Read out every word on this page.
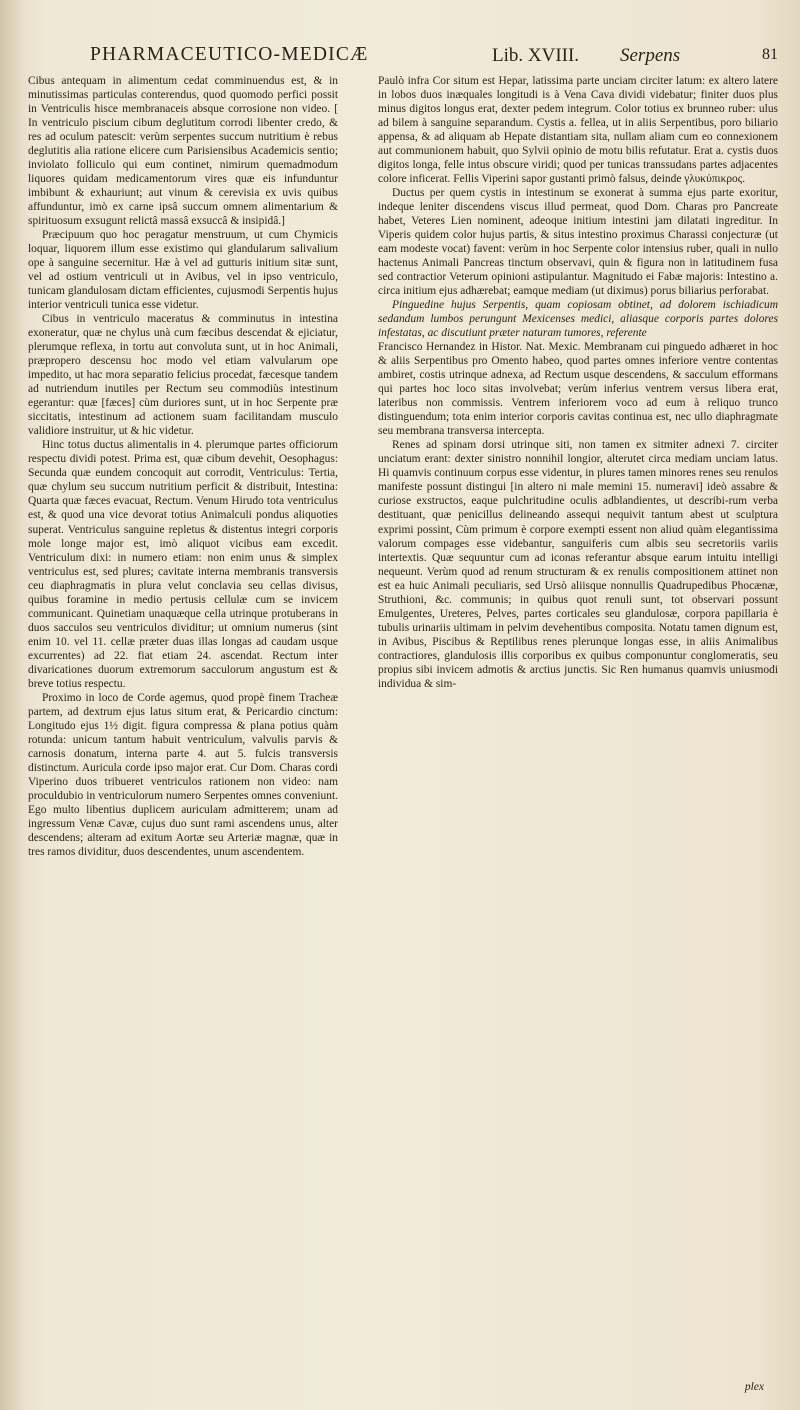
PHARMACEUTICO-MEDICÆ	Lib. XVIII. Serpens	81

Cibus antequam in alimentum cedat comminuendus est, & in minutissimas particulas conterendus, quod quomodo perfici possit in Ventriculis hisce membranaceis absque corrosione non video. [ In ventriculo piscium cibum deglutitum corrodi libenter credo, & res ad oculum patescit: verùm serpentes succum nutritium è rebus deglutitis alia ratione elicere cum Parisiensibus Academicis sentio; inviolato folliculo qui eum continet, nimirum quemadmodum liquores quidam medicamentorum vires quæ eis infunduntur imbibunt & exhauriunt; aut vinum & cerevisia ex uvis quibus affunduntur, imò ex carne ipsâ succum omnem alimentarium & spirituosum exsugunt relictâ massâ exsuccâ & insipidâ.]

Præcipuum quo hoc peragatur menstruum, ut cum Chymicis loquar, liquorem illum esse existimo qui glandularum salivalium ope à sanguine secernitur. Hæ à vel ad gutturis initium sitæ sunt, vel ad ostium ventriculi ut in Avibus, vel in ipso ventriculo, tunicam glandulosam dictam efficientes, cujusmodi Serpentis hujus interior ventriculi tunica esse videtur.

Cibus in ventriculo maceratus & comminutus in intestina exoneratur, quæ ne chylus unà cum fæcibus descendat & ejiciatur, plerumque reflexa, in tortu aut convoluta sunt, ut in hoc Animali, præpropero descensu hoc modo vel etiam valvularum ope impedito, ut hac mora separatio felicius procedat, fæcesque tandem ad nutriendum inutiles per Rectum seu commodiùs intestinum egerantur: quæ [fæces] cùm duriores sunt, ut in hoc Serpente præ siccitatis, intestinum ad actionem suam facilitandam musculo validiore instruitur, ut & hic videtur.

Hinc totus ductus alimentalis in 4. plerumque partes officiorum respectu dividi potest. Prima est, quæ cibum devehit, Oesophagus: Secunda quæ eundem concoquit aut corrodit, Ventriculus: Tertia, quæ chylum seu succum nutritium perficit & distribuit, Intestina: Quarta quæ fæces evacuat, Rectum. Venum Hirudo tota ventriculus est, & quod una vice devorat totius Animalculi pondus aliquoties superat. Ventriculus sanguine repletus & distentus integri corporis mole longe major est, imò aliquot vicibus eam excedit. Ventriculum dixi: in numero etiam: non enim unus & simplex ventriculus est, sed plures; cavitate interna membranis transversis ceu diaphragmatis in plura velut conclavia seu cellas divisus, quibus foramine in medio pertusis cellulæ cum se invicem communicant. Quinetiam unaquæque cella utrinque protuberans in duos sacculos seu ventriculos dividitur; ut omnium numerus (sint enim 10. vel 11. cellæ præter duas illas longas ad caudam usque excurrentes) ad 22. fiat etiam 24. ascendat. Rectum inter divaricationes duorum extremorum sacculorum angustum est & breve totius respectu.

Proximo in loco de Corde agemus, quod propè finem Tracheæ partem, ad dextrum ejus latus situm erat, & Pericardio cinctum: Longitudo ejus 1½ digit. figura compressa & plana potius quàm rotunda: unicum tantum habuit ventriculum, valvulis parvis & carnosis donatum, interna parte 4. aut 5. fulcis transversis distinctum. Auricula corde ipso major erat. Cur Dom. Charas cordi Viperino duos tribueret ventriculos rationem non video: nam proculdubio in ventriculorum numero Serpentes omnes conveniunt. Ego multo libentius duplicem auriculam admitterem; unam ad ingressum Venæ Cavæ, cujus duo sunt rami ascendens unus, alter descendens; alteram ad exitum Aortæ seu Arteriæ magnæ, quæ in tres ramos dividitur, duos descendentes, unum ascendentem.

Paulò infra Cor situm est Hepar, latissima parte unciam circiter latum: ex altero latere in lobos duos inæquales longitudi is à Vena Cava dividi videbatur; finiter duos plus minus digitos longus erat, dexter pedem integrum. Color totius ex brunneo ruber: ulus ad bilem à sanguine separandum. Cystis a. fellea, ut in aliis Serpentibus, poro biliario appensa, & ad aliquam ab Hepate distantiam sita, nullam aliam cum eo connexionem aut communionem habuit, quo Sylvii opinio de motu bilis refutatur. Erat a. cystis duos digitos longa, felle intus obscure viridi; quod per tunicas transsudans partes adjacentes colore inficerat. Fellis Viperini sapor gustanti primò falsus, deinde γλυκύπικρος.

Ductus per quem cystis in intestinum se exonerat à summa ejus parte exoritur, indeque leniter discendens viscus illud permeat, quod Dom. Charas pro Pancreate habet, Veteres Lien nominent, adeoque initium intestini jam dilatati ingreditur. In Viperis quidem color hujus partis, & situs intestino proximus Charassi conjecturæ (ut eam modeste vocat) favent: verùm in hoc Serpente color intensius ruber, quali in nullo hactenus Animali Pancreas tinctum observavi, quin & figura non in latitudinem fusa sed contractior Veterum opinioni astipulantur. Magnitudo ei Fabæ majoris: Intestino a. circa initium ejus adhærebat; eamque mediam (ut diximus) porus biliarius perforabat.

Pinguedine hujus Serpentis, quam copiosam obtinet, ad dolorem ischiadicum sedandum lumbos perungunt Mexicenses medici, aliasque corporis partes dolores infestatas, ac discutiunt præter naturam tumores, referente

Francisco Hernandez in Histor. Nat. Mexic. Membranam cui pinguedo adhæret in hoc & aliis Serpentibus pro Omento habeo, quod partes omnes inferiore ventre contentas ambiret, costis utrinque adnexa, ad Rectum usque descendens, & sacculum efformans qui partes hoc loco sitas involvebat; verùm inferius ventrem versus libera erat, lateribus non commissis. Ventrem inferiorem voco ad eum à reliquo trunco distinguendum; tota enim interior corporis cavitas continua est, nec ullo diaphragmate seu membrana transversa intercepta.

Renes ad spinam dorsi utrinque siti, non tamen ex sitmiter adnexi 7. circiter unciatum erant: dexter sinistro nonnihil longior, alterutet circa mediam unciam latus. Hi quamvis continuum corpus esse videntur, in plures tamen minores renes seu renulos manifeste possunt distingui [in altero ni male memini 15. numeravi] ideò assabre & curiose exstructos, eaque pulchritudine oculis adblandientes, ut describi-rum verba destituant, quæ penicillus delineando assequi nequivit tantum abest ut sculptura exprimi possint, Cùm primum è corpore exempti essent non aliud quàm elegantissima valorum compages esse videbantur, sanguiferis cum albis seu secretoriis variis intertextis. Quæ sequuntur cum ad iconas referantur absque earum intuitu intelligi nequeunt. Verùm quod ad renum structuram & ex renulis compositionem attinet non est ea huic Animali peculiaris, sed Ursò aliisque nonnullis Quadrupedibus Phocænæ, Struthioni, &c. communis; in quibus quot renuli sunt, tot observari possunt Emulgentes, Ureteres, Pelves, partes corticales seu glandulosæ, corpora papillaria è tubulis urinariis ultimam in pelvim devehentibus composita. Notatu tamen dignum est, in Avibus, Piscibus & Reptilibus renes plerunque longas esse, in aliis Animalibus contractiores, glandulosis illis corporibus ex quibus componuntur conglomeratis, seu propius sibi invicem admotis & arctius junctis. Sic Ren humanus quamvis uniusmodi individua & sim-

plex
